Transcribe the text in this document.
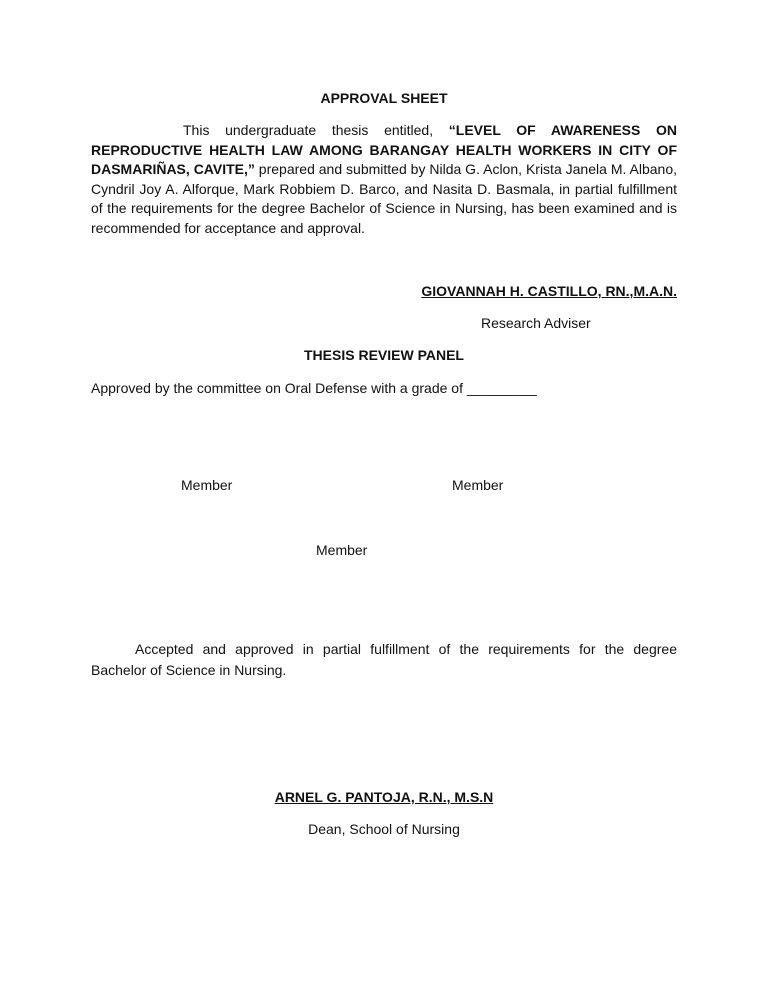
APPROVAL SHEET
This undergraduate thesis entitled, “LEVEL OF AWARENESS ON REPRODUCTIVE HEALTH LAW AMONG BARANGAY HEALTH WORKERS IN CITY OF DASMARIÑAS, CAVITE,” prepared and submitted by Nilda G. Aclon, Krista Janela M. Albano, Cyndril Joy A. Alforque, Mark Robbiem D. Barco, and Nasita D. Basmala, in partial fulfillment of the requirements for the degree Bachelor of Science in Nursing, has been examined and is recommended for acceptance and approval.
GIOVANNAH H. CASTILLO, RN.,M.A.N.
Research Adviser
THESIS REVIEW PANEL
Approved by the committee on Oral Defense with a grade of _________
Member	Member
Member
Accepted and approved in partial fulfillment of the requirements for the degree Bachelor of Science in Nursing.
ARNEL G. PANTOJA, R.N., M.S.N
Dean, School of Nursing
